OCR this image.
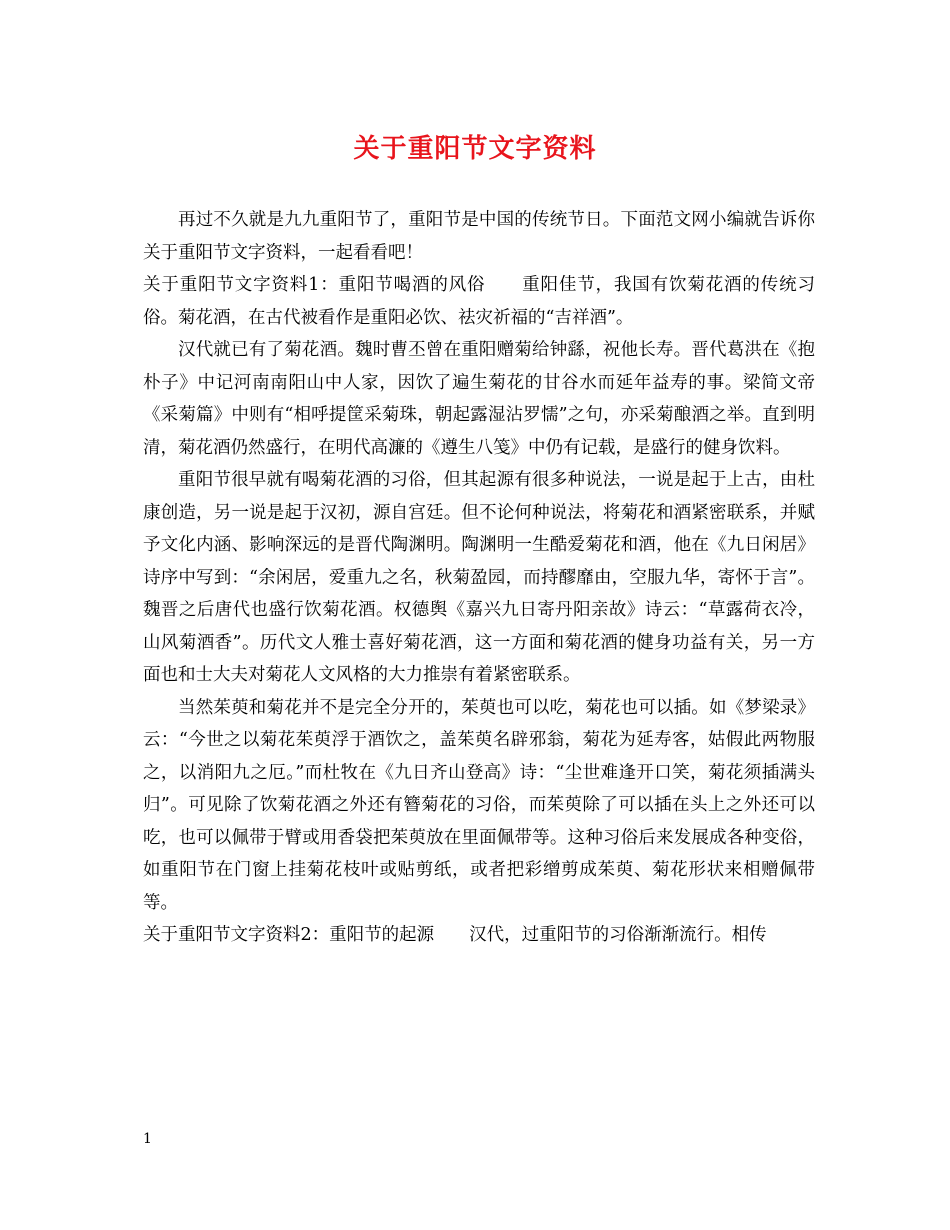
关于重阳节文字资料

再过不久就是九九重阳节了，重阳节是中国的传统节日。下面范文网小编就告诉你关于重阳节文字资料，一起看看吧！

关于重阳节文字资料1：重阳节喝酒的风俗　　重阳佳节，我国有饮菊花酒的传统习俗。菊花酒，在古代被看作是重阳必饮、祛灾祈福的“吉祥酒”。

汉代就已有了菊花酒。魏时曹丕曾在重阳赠菊给钟繇，祝他长寿。晋代葛洪在《抱朴子》中记河南南阳山中人家，因饮了遍生菊花的甘谷水而延年益寿的事。梁简文帝《采菊篇》中则有“相呼提筐采菊珠，朝起露湿沾罗懦”之句，亦采菊酿酒之举。直到明清，菊花酒仍然盛行，在明代高濂的《遵生八笺》中仍有记载，是盛行的健身饮料。

重阳节很早就有喝菊花酒的习俗，但其起源有很多种说法，一说是起于上古，由杜康创造，另一说是起于汉初，源自宫廷。但不论何种说法，将菊花和酒紧密联系，并赋予文化内涵、影响深远的是晋代陶渊明。陶渊明一生酷爱菊花和酒，他在《九日闲居》诗序中写到：“余闲居，爱重九之名，秋菊盈园，而持醪靡由，空服九华，寄怀于言”。魏晋之后唐代也盛行饮菊花酒。权德舆《嘉兴九日寄丹阳亲故》诗云：“草露荷衣冷，山风菊酒香”。历代文人雅士喜好菊花酒，这一方面和菊花酒的健身功益有关，另一方面也和士大夫对菊花人文风格的大力推崇有着紧密联系。

当然茱萸和菊花并不是完全分开的，茱萸也可以吃，菊花也可以插。如《梦梁录》云：“今世之以菊花茱萸浮于酒饮之，盖茱萸名辟邪翁，菊花为延寿客，姑假此两物服之，以消阳九之厄。”而杜牧在《九日齐山登高》诗：“尘世难逢开口笑，菊花须插满头归”。可见除了饮菊花酒之外还有簪菊花的习俗，而茱萸除了可以插在头上之外还可以吃，也可以佩带于臂或用香袋把茱萸放在里面佩带等。这种习俗后来发展成各种变俗，如重阳节在门窗上挂菊花枝叶或贴剪纸，或者把彩缯剪成茱萸、菊花形状来相赠佩带等。

关于重阳节文字资料2：重阳节的起源　　汉代，过重阳节的习俗渐渐流行。相传

1
